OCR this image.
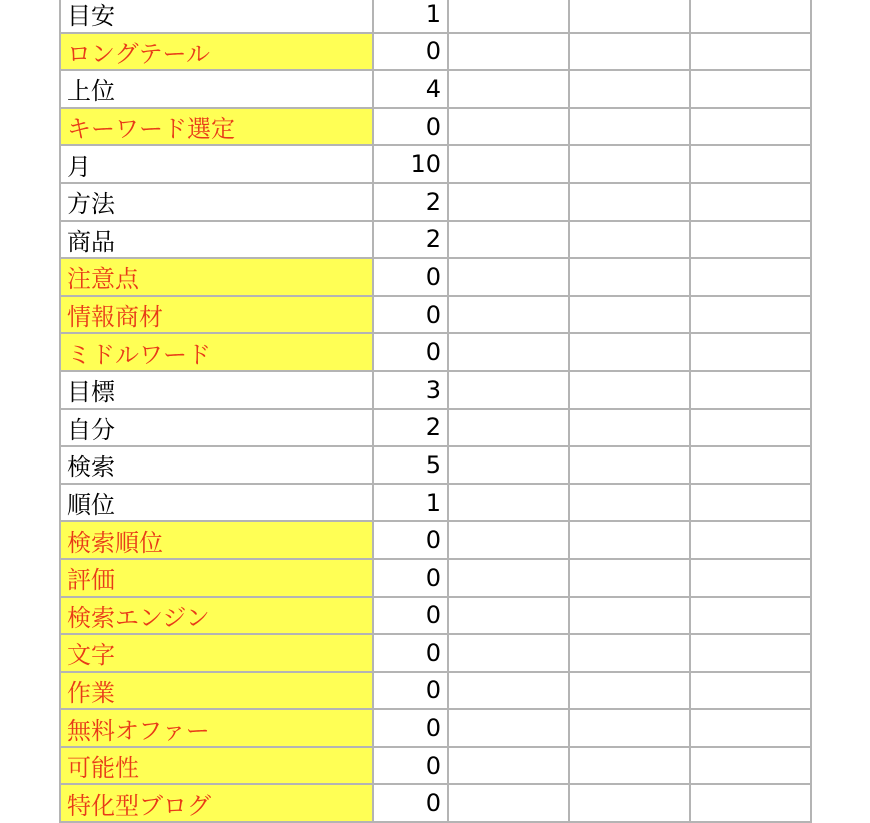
	目安	1				
	ロングテール	0				
	上位	4				
	キーワード選定	0				
	月	10				
	方法	2				
	商品	2				
	注意点	0				
	情報商材	0				
	ミドルワード	0				
	目標	3				
	自分	2				
	検索	5				
	順位	1				
	検索順位	0				
	評価	0				
	検索エンジン	0				
	文字	0				
	作業	0				
	無料オファー	0				
	可能性	0				
	特化型ブログ	0				
